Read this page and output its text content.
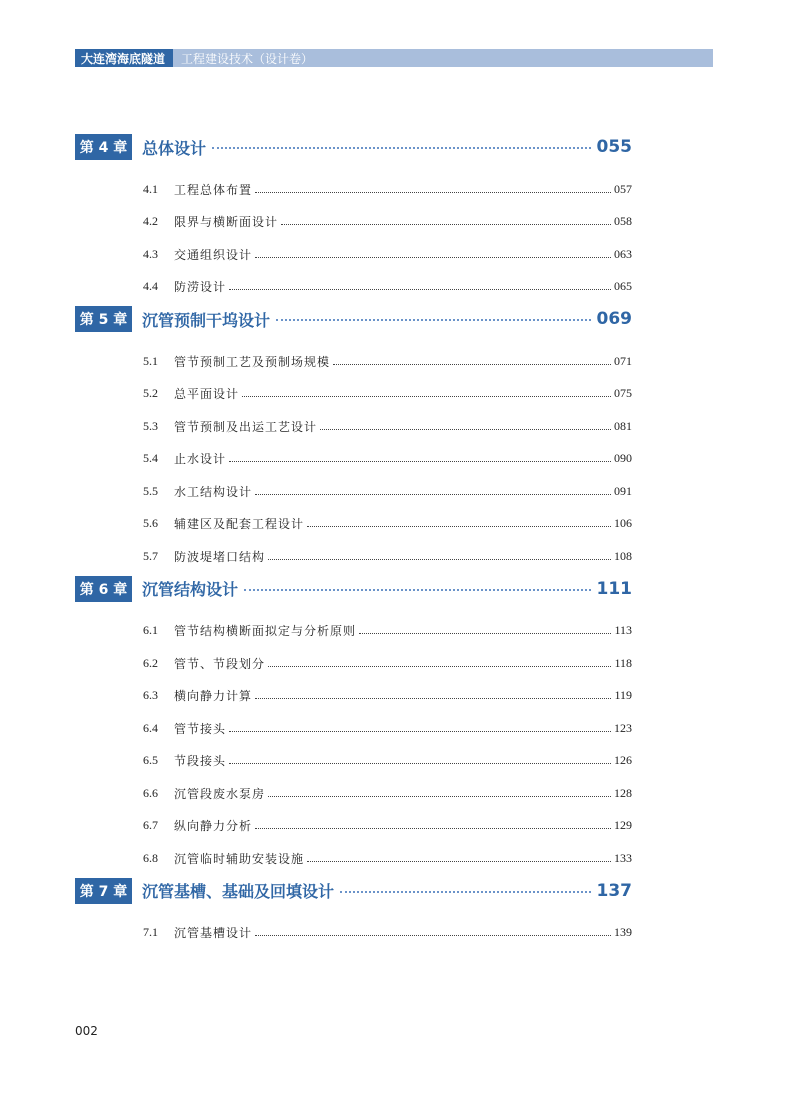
大连湾海底隧道	工程建设技术（设计卷）
第 4 章 总体设计	055
4.1	工程总体布置	057
4.2	限界与横断面设计	058
4.3	交通组织设计	063
4.4	防涝设计	065
第 5 章 沉管预制干坞设计	069
5.1	管节预制工艺及预制场规模	071
5.2	总平面设计	075
5.3	管节预制及出运工艺设计	081
5.4	止水设计	090
5.5	水工结构设计	091
5.6	辅建区及配套工程设计	106
5.7	防波堤堵口结构	108
第 6 章 沉管结构设计	111
6.1	管节结构横断面拟定与分析原则	113
6.2	管节、节段划分	118
6.3	横向静力计算	119
6.4	管节接头	123
6.5	节段接头	126
6.6	沉管段废水泵房	128
6.7	纵向静力分析	129
6.8	沉管临时辅助安装设施	133
第 7 章 沉管基槽、基础及回填设计	137
7.1	沉管基槽设计	139
002
